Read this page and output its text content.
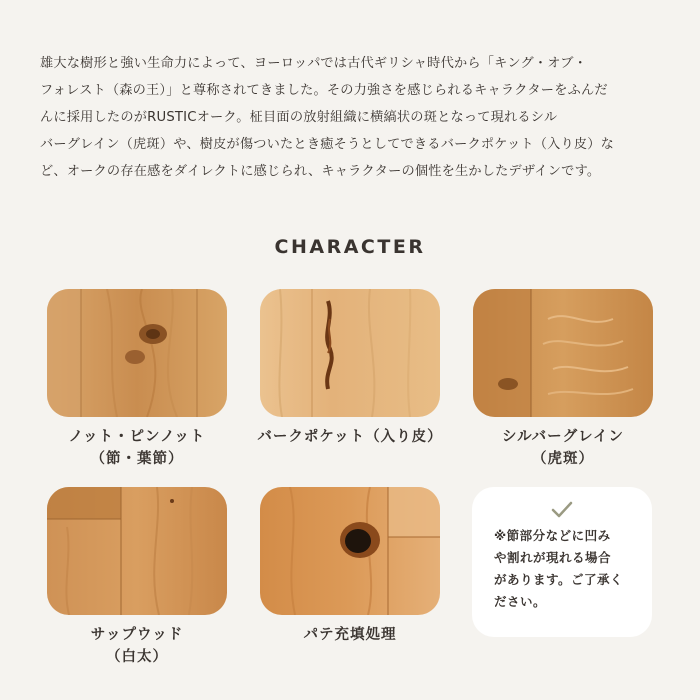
雄大な樹形と強い生命力によって、ヨーロッパでは古代ギリシャ時代から「キング・オブ・
フォレスト（森の王）」と尊称されてきました。その力強さを感じられるキャラクターをふんだ
んに採用したのがRUSTICオーク。柾目面の放射組織に横縞状の斑となって現れるシル
バーグレイン（虎斑）や、樹皮が傷ついたとき癒そうとしてできるバークポケット（入り皮）な
ど、オークの存在感をダイレクトに感じられ、キャラクターの個性を生かしたデザインです。
CHARACTER
ノット・ピンノット
（節・葉節）
バークポケット（入り皮）	シルバーグレイン
（虎斑）
サップウッド
（白太）
パテ充填処理
※節部分などに凹み
や割れが現れる場合
があります。ご了承く
ださい。
